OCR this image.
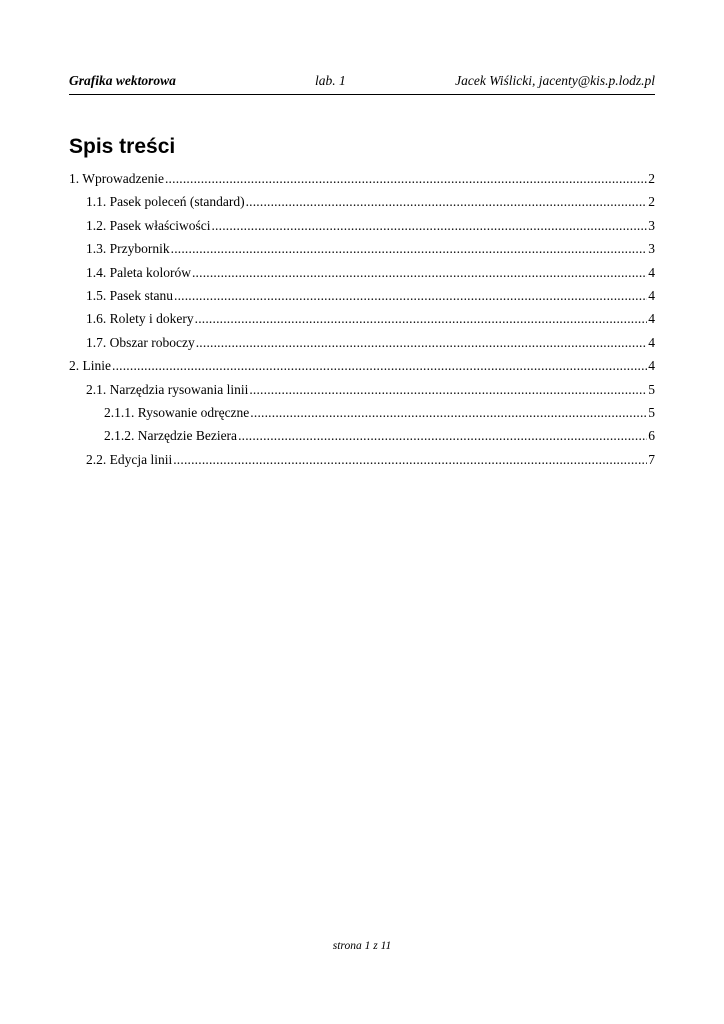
Grafika wektorowa	lab. 1	Jacek Wiślicki, jacenty@kis.p.lodz.pl
Spis treści
1. Wprowadzenie .....	2
1.1. Pasek poleceń (standard) .....	2
1.2. Pasek właściwości .....	3
1.3. Przybornik .....	3
1.4. Paleta kolorów .....	4
1.5. Pasek stanu .....	4
1.6. Rolety i dokery .....	4
1.7. Obszar roboczy .....	4
2. Linie .....	4
2.1. Narzędzia rysowania linii .....	5
2.1.1. Rysowanie odręczne .....	5
2.1.2. Narzędzie Beziera .....	6
2.2. Edycja linii .....	7
strona 1 z 11
